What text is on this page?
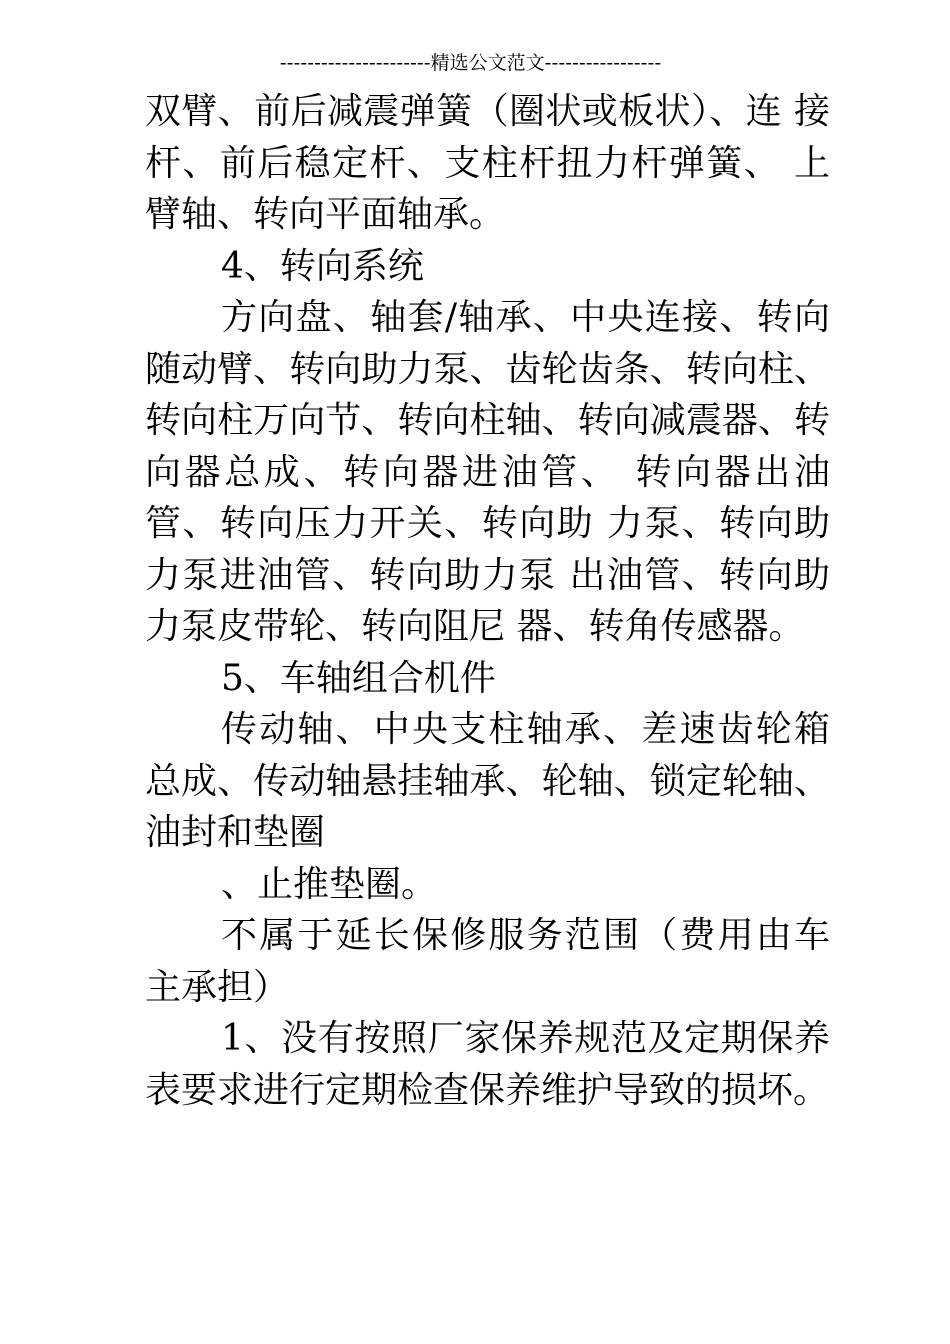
----------------------精选公文范文-----------------

双臂、前后减震弹簧（圈状或板状）、连 接杆、前后稳定杆、支柱杆扭力杆弹簧、 上臂轴、转向平面轴承。

4、转向系统

方向盘、轴套/轴承、中央连接、转向随动臂、转向助力泵、齿轮齿条、转向柱、转向柱万向节、转向柱轴、转向减震器、转向器总成、转向器进油管、 转向器出油管、转向压力开关、转向助 力泵、转向助力泵进油管、转向助力泵 出油管、转向助力泵皮带轮、转向阻尼 器、转角传感器。

5、车轴组合机件

传动轴、中央支柱轴承、差速齿轮箱总成、传动轴悬挂轴承、轮轴、锁定轮轴、油封和垫圈

、止推垫圈。

不属于延长保修服务范围（费用由车主承担）

1、没有按照厂家保养规范及定期保养表要求进行定期检查保养维护导致的损坏。
